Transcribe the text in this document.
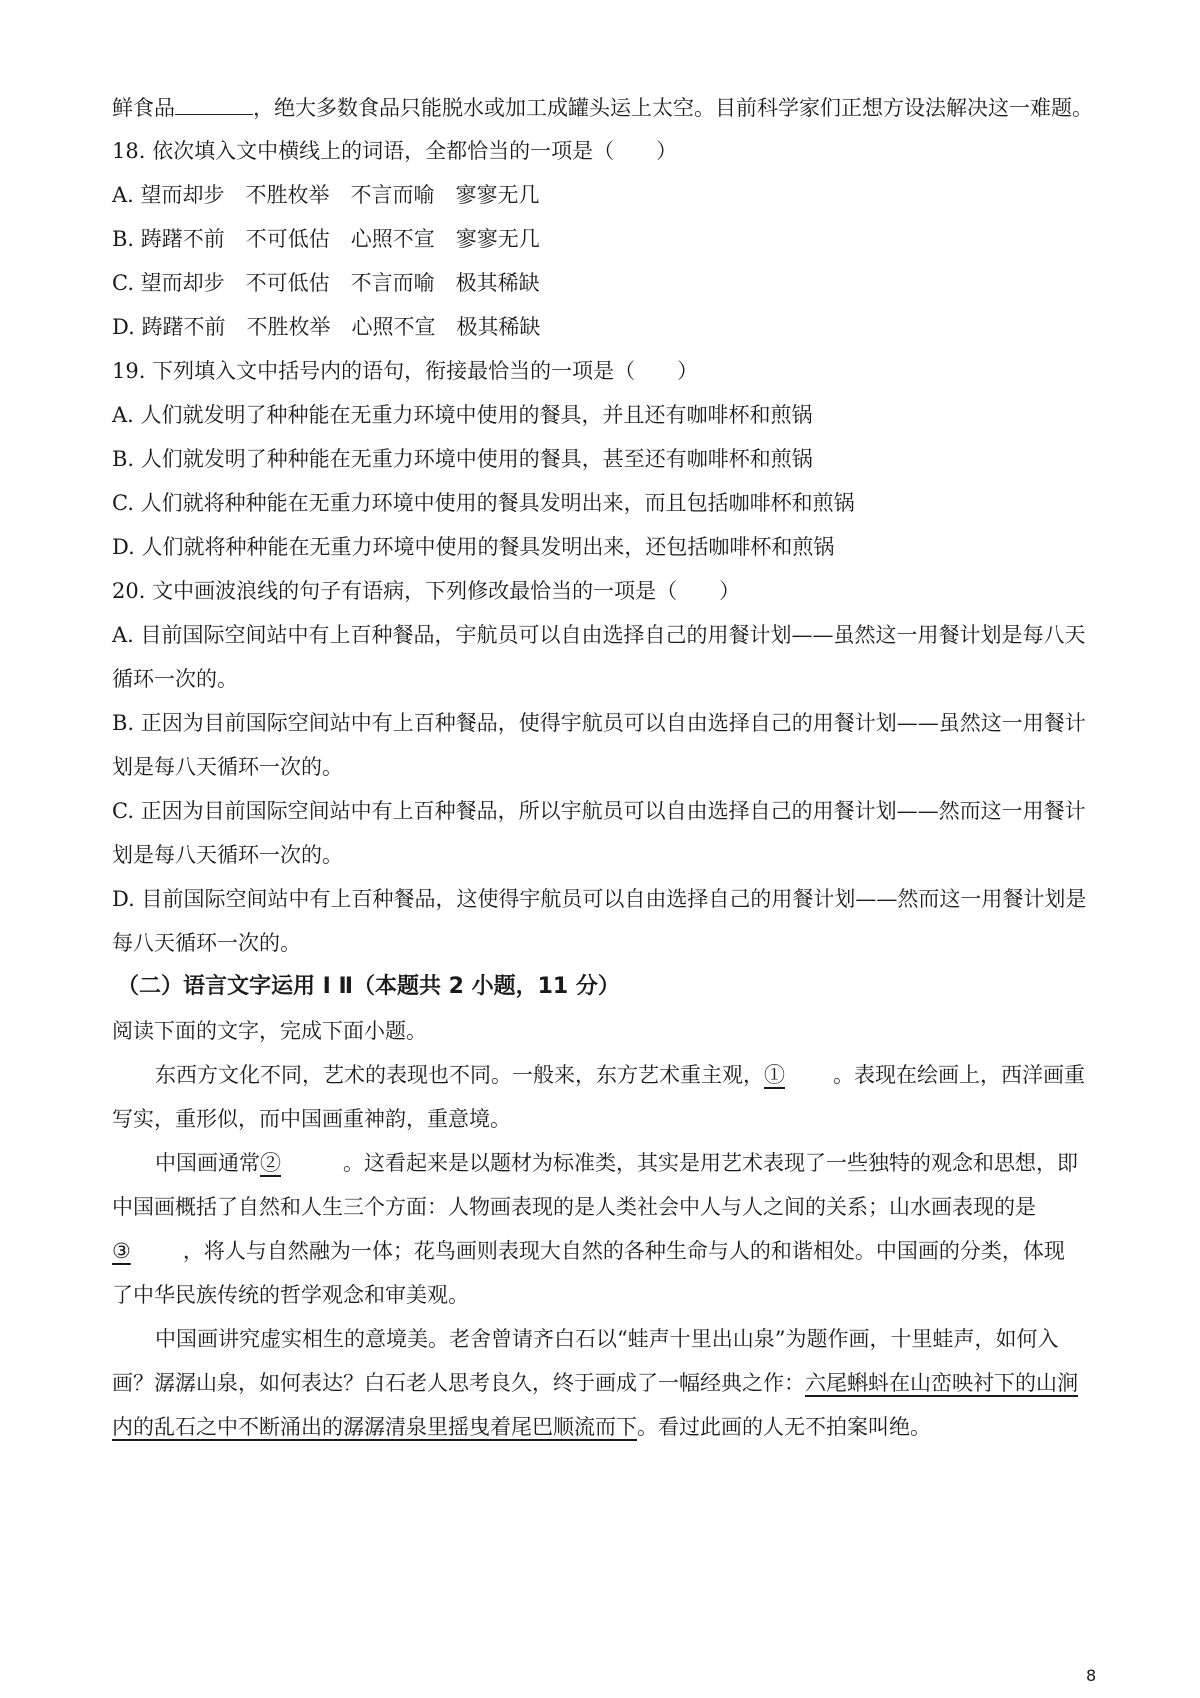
鲜食品	，绝大多数食品只能脱水或加工成罐头运上太空。目前科学家们正想方设法解决这一难题。
18. 依次填入文中横线上的词语，全都恰当的一项是（　　）
A. 望而却步　不胜枚举　不言而喻　寥寥无几
B. 踌躇不前　不可低估　心照不宣　寥寥无几
C. 望而却步　不可低估　不言而喻　极其稀缺
D. 踌躇不前　不胜枚举　心照不宣　极其稀缺
19. 下列填入文中括号内的语句，衔接最恰当的一项是（　　）
A. 人们就发明了种种能在无重力环境中使用的餐具，并且还有咖啡杯和煎锅
B. 人们就发明了种种能在无重力环境中使用的餐具，甚至还有咖啡杯和煎锅
C. 人们就将种种能在无重力环境中使用的餐具发明出来，而且包括咖啡杯和煎锅
D. 人们就将种种能在无重力环境中使用的餐具发明出来，还包括咖啡杯和煎锅
20. 文中画波浪线的句子有语病，下列修改最恰当的一项是（　　）
A. 目前国际空间站中有上百种餐品，宇航员可以自由选择自己的用餐计划——虽然这一用餐计划是每八天
循环一次的。
B. 正因为目前国际空间站中有上百种餐品，使得宇航员可以自由选择自己的用餐计划——虽然这一用餐计
划是每八天循环一次的。
C. 正因为目前国际空间站中有上百种餐品，所以宇航员可以自由选择自己的用餐计划——然而这一用餐计
划是每八天循环一次的。
D. 目前国际空间站中有上百种餐品，这使得宇航员可以自由选择自己的用餐计划——然而这一用餐计划是
每八天循环一次的。
（二）语言文字运用 I Ⅱ（本题共 2 小题，11 分）
阅读下面的文字，完成下面小题。
东西方文化不同，艺术的表现也不同。一般来，东方艺术重主观，① 。表现在绘画上，西洋画重
写实，重形似，而中国画重神韵，重意境。
中国画通常②	。这看起来是以题材为标准类，其实是用艺术表现了一些独特的观念和思想，即
中国画概括了自然和人生三个方面：人物画表现的是人类社会中人与人之间的关系；山水画表现的是
③ ，将人与自然融为一体；花鸟画则表现大自然的各种生命与人的和谐相处。中国画的分类，体现
了中华民族传统的哲学观念和审美观。
中国画讲究虚实相生的意境美。老舍曾请齐白石以“蛙声十里出山泉”为题作画，十里蛙声，如何入
画？潺潺山泉，如何表达？白石老人思考良久，终于画成了一幅经典之作：六尾蝌蚪在山峦映衬下的山涧
内的乱石之中不断涌出的潺潺清泉里摇曳着尾巴顺流而下。看过此画的人无不拍案叫绝。
8
